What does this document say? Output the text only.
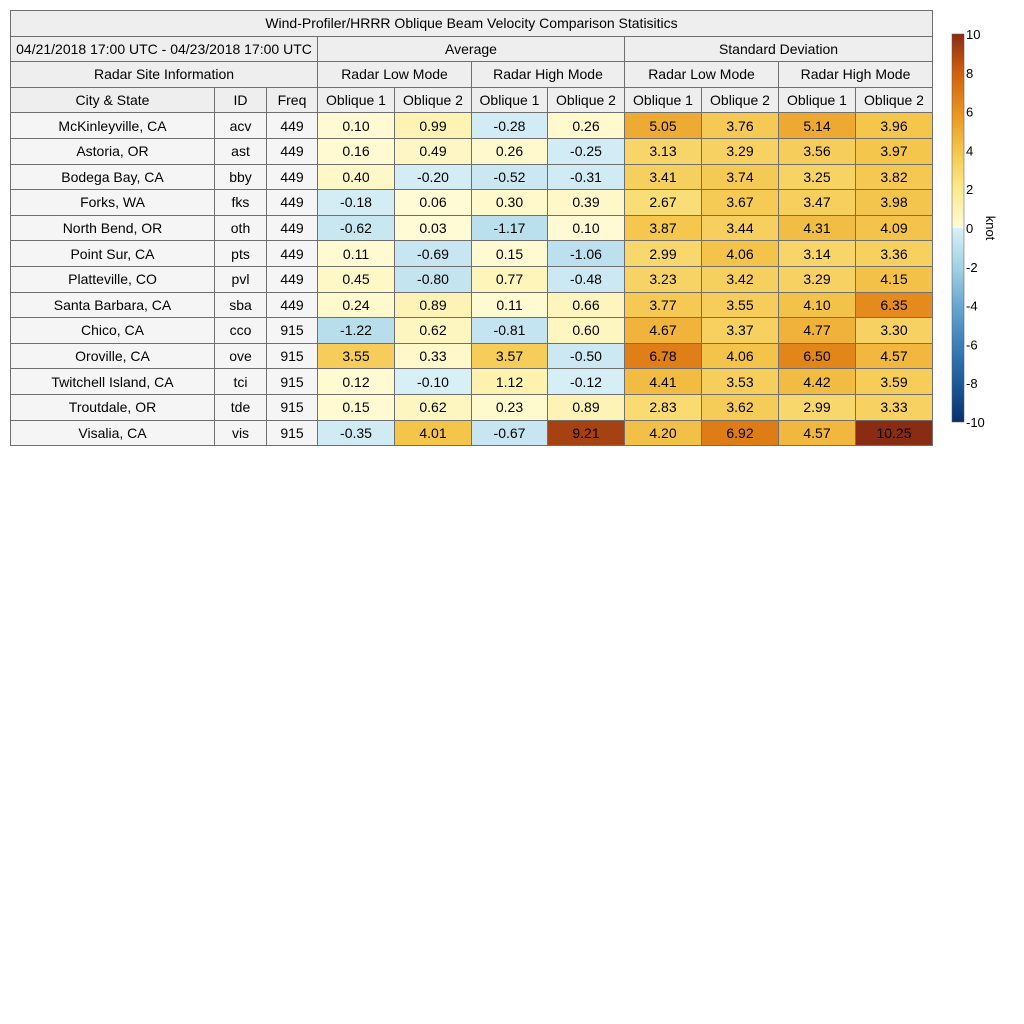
Wind-Profiler/HRRR Oblique Beam Velocity Comparison Statisitics										
04/21/2018 17:00 UTC - 04/23/2018 17:00 UTC			Average				Standard Deviation			
Radar Site Information			Radar Low Mode		Radar High Mode		Radar Low Mode		Radar High Mode	
City & State	ID	Freq	Oblique 1	Oblique 2	Oblique 1	Oblique 2	Oblique 1	Oblique 2	Oblique 1	Oblique 2
McKinleyville, CA	acv	449	0.10	0.99	-0.28	0.26	5.05	3.76	5.14	3.96
Astoria, OR	ast	449	0.16	0.49	0.26	-0.25	3.13	3.29	3.56	3.97
Bodega Bay, CA	bby	449	0.40	-0.20	-0.52	-0.31	3.41	3.74	3.25	3.82
Forks, WA	fks	449	-0.18	0.06	0.30	0.39	2.67	3.67	3.47	3.98
North Bend, OR	oth	449	-0.62	0.03	-1.17	0.10	3.87	3.44	4.31	4.09
Point Sur, CA	pts	449	0.11	-0.69	0.15	-1.06	2.99	4.06	3.14	3.36
Platteville, CO	pvl	449	0.45	-0.80	0.77	-0.48	3.23	3.42	3.29	4.15
Santa Barbara, CA	sba	449	0.24	0.89	0.11	0.66	3.77	3.55	4.10	6.35
Chico, CA	cco	915	-1.22	0.62	-0.81	0.60	4.67	3.37	4.77	3.30
Oroville, CA	ove	915	3.55	0.33	3.57	-0.50	6.78	4.06	6.50	4.57
Twitchell Island, CA	tci	915	0.12	-0.10	1.12	-0.12	4.41	3.53	4.42	3.59
Troutdale, OR	tde	915	0.15	0.62	0.23	0.89	2.83	3.62	2.99	3.33
Visalia, CA	vis	915	-0.35	4.01	-0.67	9.21	4.20	6.92	4.57	10.25
10
8
6
4
2
0
-2
-4
-6
-8
-10
knot
